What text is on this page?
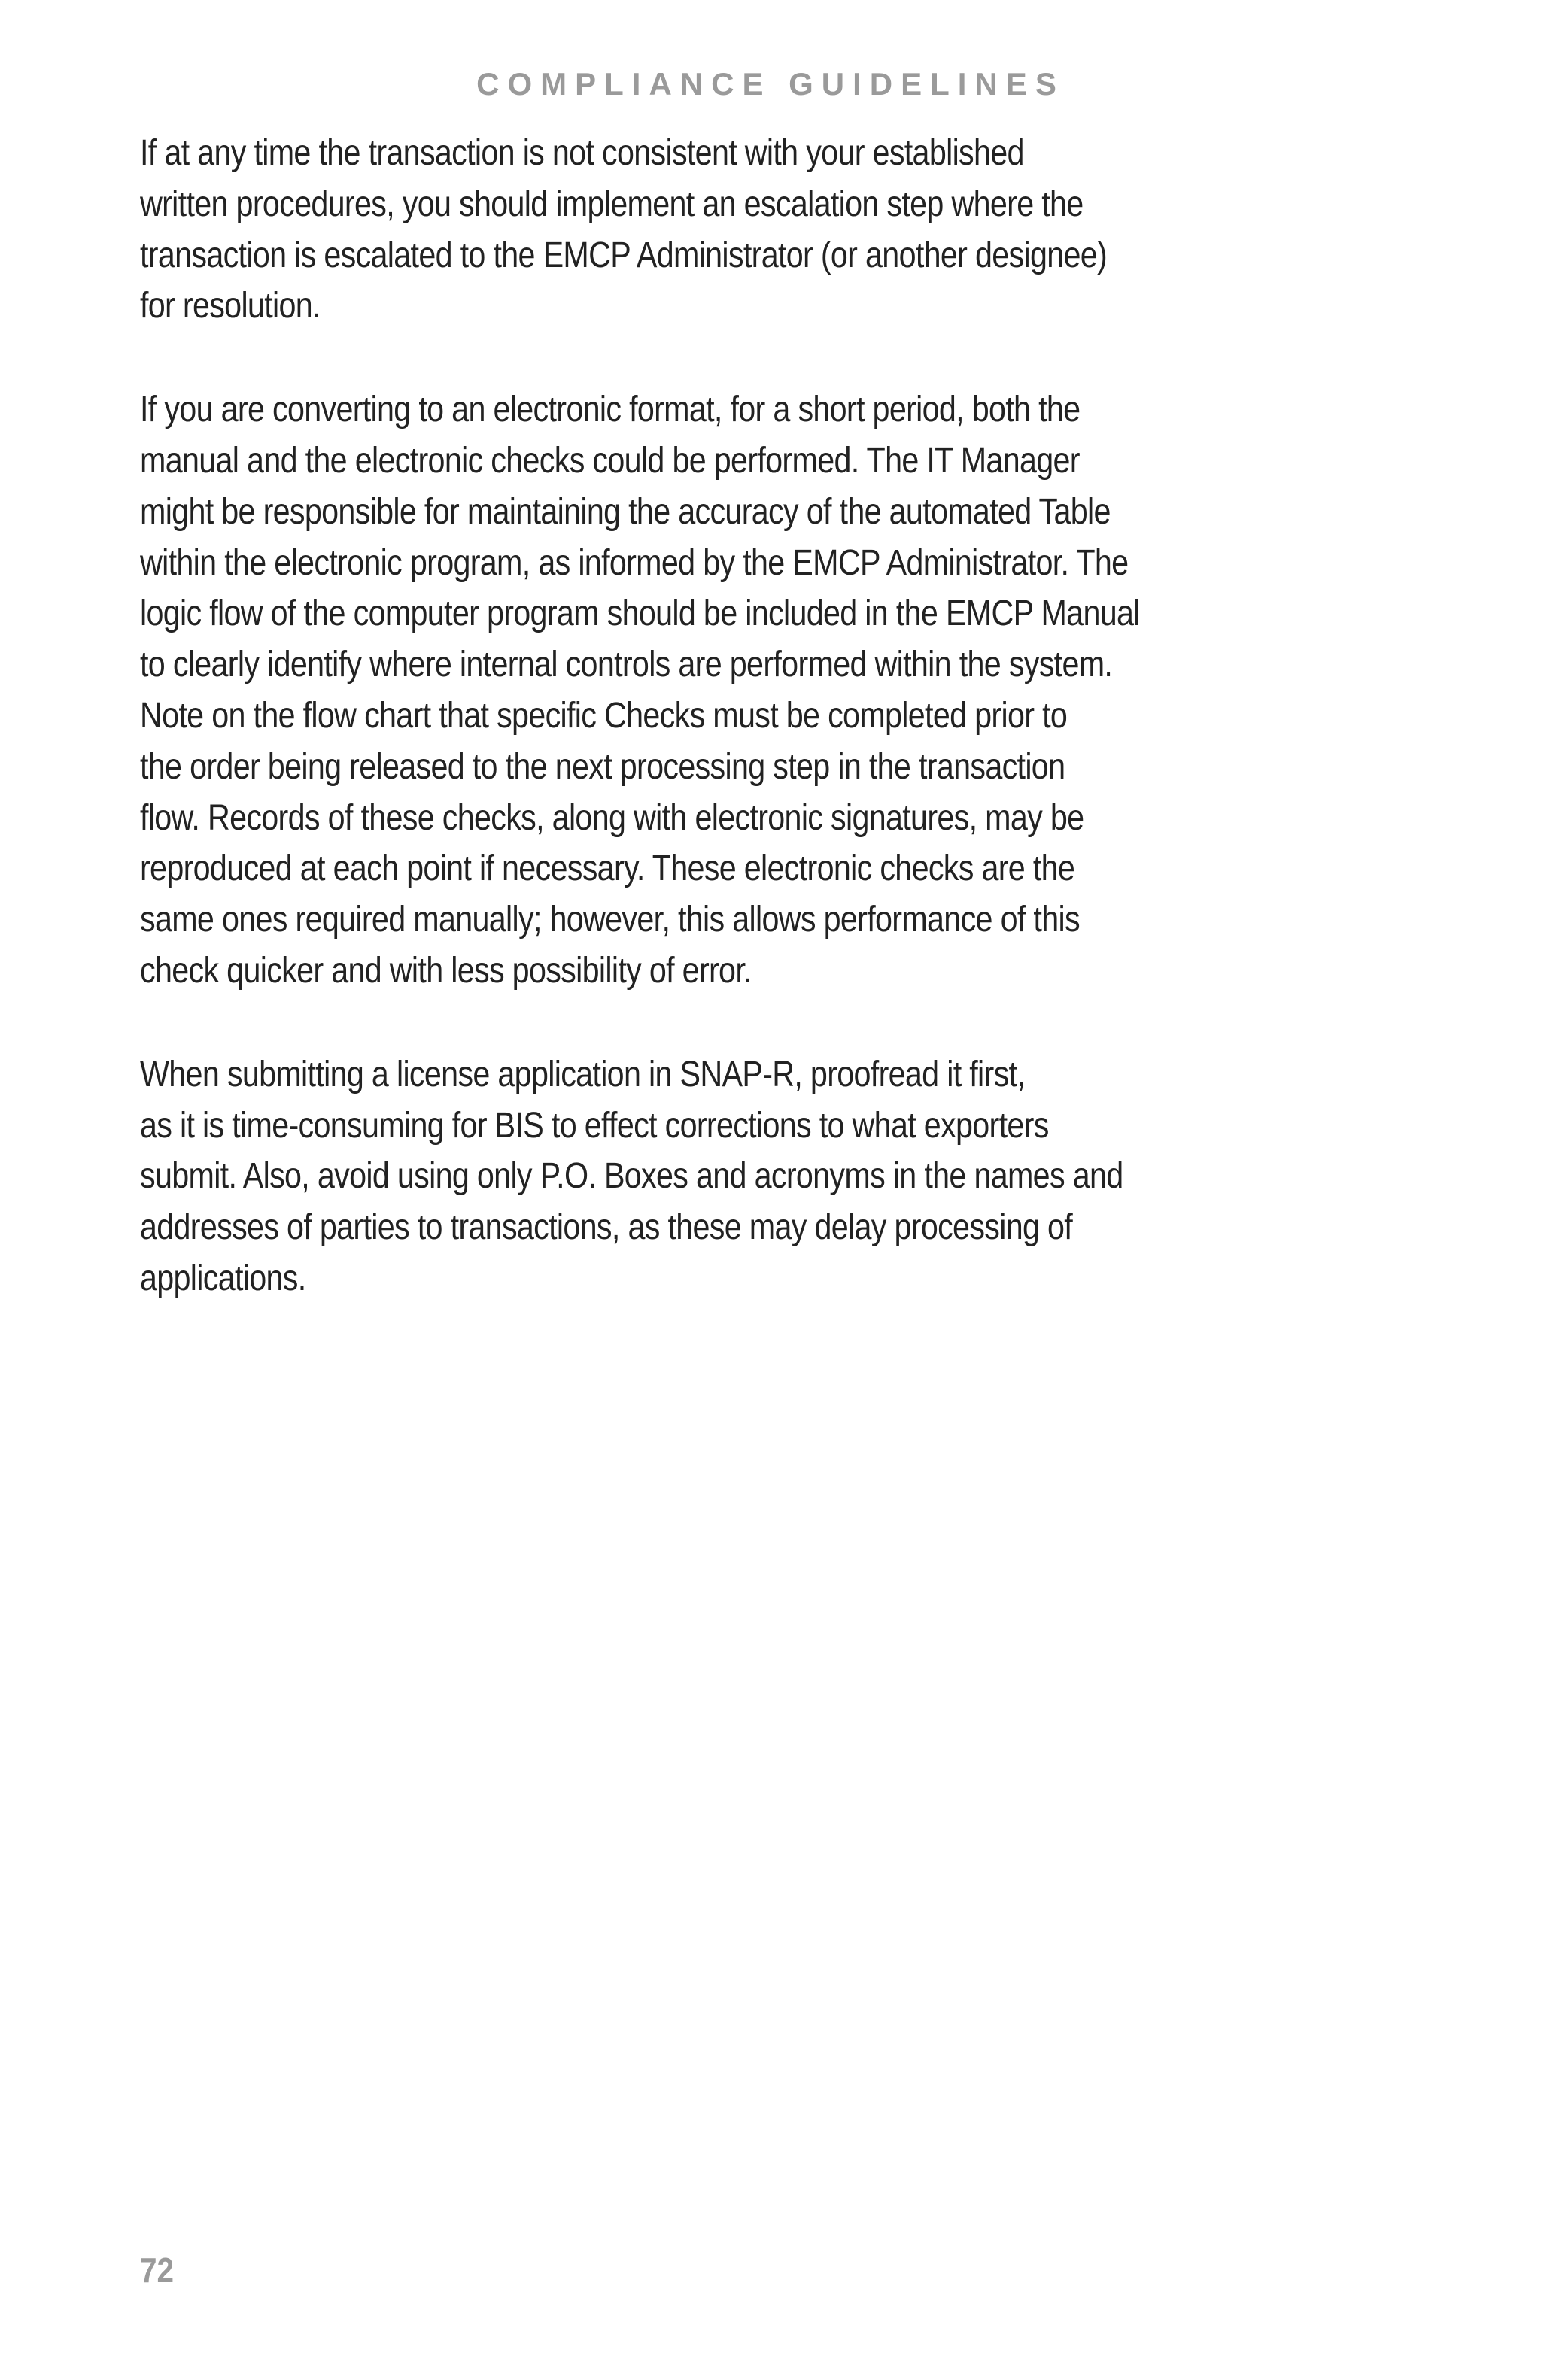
COMPLIANCE GUIDELINES

If at any time the transaction is not consistent with your established
written procedures, you should implement an escalation step where the
transaction is escalated to the EMCP Administrator (or another designee)
for resolution.

If you are converting to an electronic format, for a short period, both the
manual and the electronic checks could be performed. The IT Manager
might be responsible for maintaining the accuracy of the automated Table
within the electronic program, as informed by the EMCP Administrator. The
logic flow of the computer program should be included in the EMCP Manual
to clearly identify where internal controls are performed within the system.
Note on the flow chart that specific Checks must be completed prior to
the order being released to the next processing step in the transaction
flow. Records of these checks, along with electronic signatures, may be
reproduced at each point if necessary. These electronic checks are the
same ones required manually; however, this allows performance of this
check quicker and with less possibility of error.

When submitting a license application in SNAP-R, proofread it first,
as it is time-consuming for BIS to effect corrections to what exporters
submit. Also, avoid using only P.O. Boxes and acronyms in the names and
addresses of parties to transactions, as these may delay processing of
applications.

72
